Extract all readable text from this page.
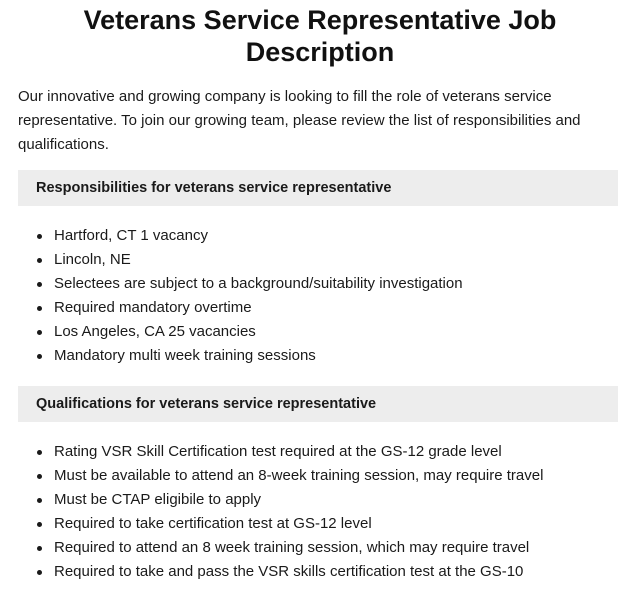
Veterans Service Representative Job
Description

Our innovative and growing company is looking to fill the role of veterans service representative. To join our growing team, please review the list of responsibilities and qualifications.

Responsibilities for veterans service representative
Hartford, CT 1 vacancy
Lincoln, NE
Selectees are subject to a background/suitability investigation
Required mandatory overtime
Los Angeles, CA 25 vacancies
Mandatory multi week training sessions
Qualifications for veterans service representative
Rating VSR Skill Certification test required at the GS-12 grade level
Must be available to attend an 8-week training session, may require travel
Must be CTAP eligibile to apply
Required to take certification test at GS-12 level
Required to attend an 8 week training session, which may require travel
Required to take and pass the VSR skills certification test at the GS-10
